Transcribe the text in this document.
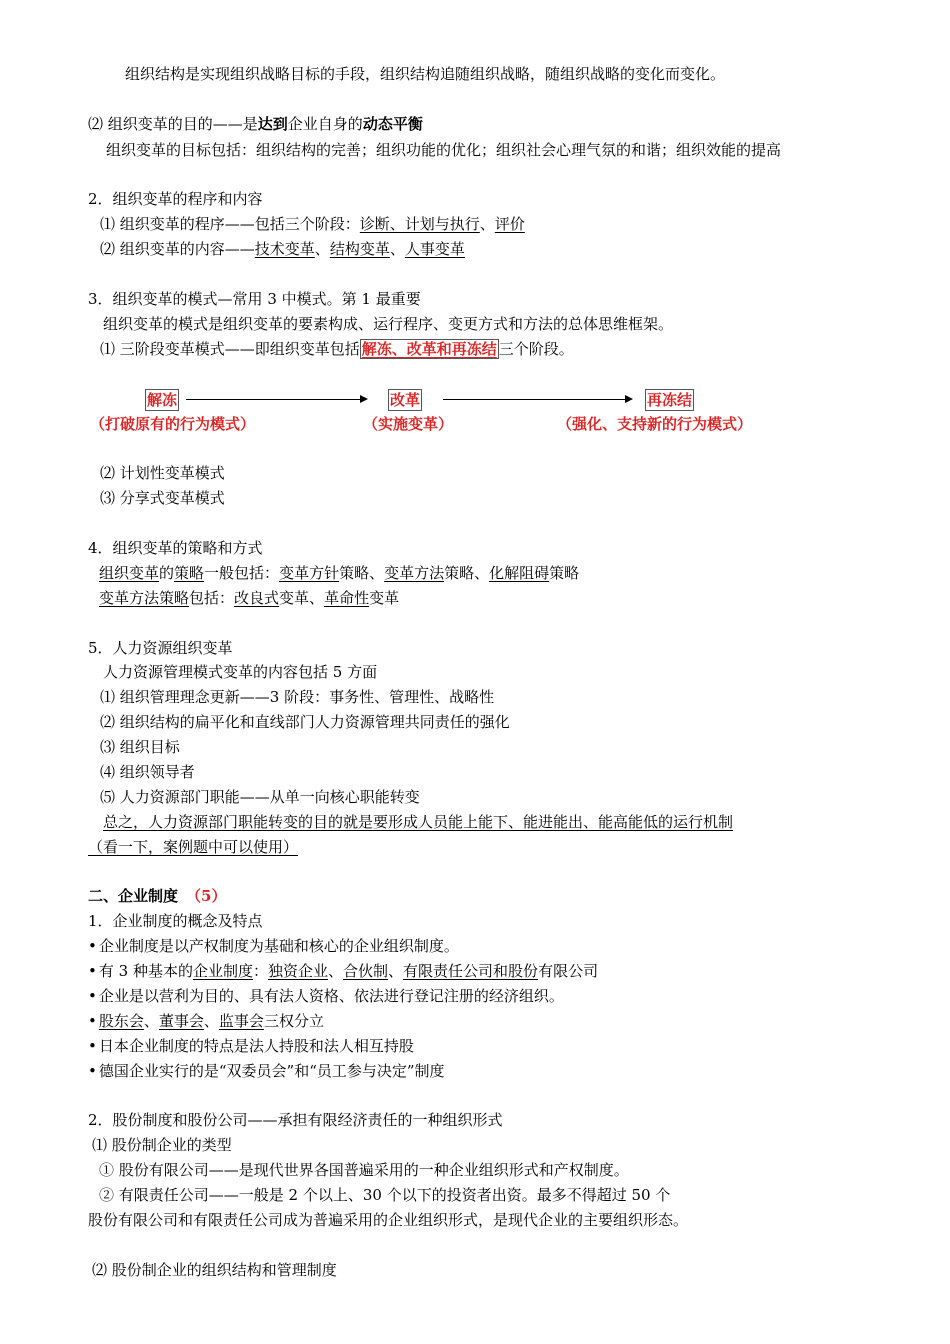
组织结构是实现组织战略目标的手段，组织结构追随组织战略，随组织战略的变化而变化。
⑵ 组织变革的目的——是达到企业自身的动态平衡
组织变革的目标包括：组织结构的完善；组织功能的优化；组织社会心理气氛的和谐；组织效能的提高
2．组织变革的程序和内容
⑴ 组织变革的程序——包括三个阶段：诊断、计划与执行、评价
⑵ 组织变革的内容——技术变革、结构变革、人事变革
3．组织变革的模式—常用 3 中模式。第 1 最重要
组织变革的模式是组织变革的要素构成、运行程序、变更方式和方法的总体思维框架。
⑴ 三阶段变革模式——即组织变革包括 解冻、改革和再冻结 三个阶段。
解冻	改革	再冻结
（打破原有的行为模式）	（实施变革）	（强化、支持新的行为模式）
⑵ 计划性变革模式
⑶ 分享式变革模式
4．组织变革的策略和方式
组织变革的策略一般包括：变革方针策略、变革方法策略、化解阻碍策略
变革方法策略包括：改良式变革、革命性变革
5．人力资源组织变革
人力资源管理模式变革的内容包括 5 方面
⑴ 组织管理理念更新——3 阶段：事务性、管理性、战略性
⑵ 组织结构的扁平化和直线部门人力资源管理共同责任的强化
⑶ 组织目标
⑷ 组织领导者
⑸ 人力资源部门职能——从单一向核心职能转变
总之，人力资源部门职能转变的目的就是要形成人员能上能下、能进能出、能高能低的运行机制
（看一下，案例题中可以使用）
二、企业制度 （5）
1．企业制度的概念及特点
• 企业制度是以产权制度为基础和核心的企业组织制度。
• 有 3 种基本的企业制度：独资企业、合伙制、有限责任公司和股份有限公司
• 企业是以营利为目的、具有法人资格、依法进行登记注册的经济组织。
• 股东会、董事会、监事会三权分立
• 日本企业制度的特点是法人持股和法人相互持股
• 德国企业实行的是“双委员会”和“员工参与决定”制度
2．股份制度和股份公司——承担有限经济责任的一种组织形式
⑴ 股份制企业的类型
① 股份有限公司——是现代世界各国普遍采用的一种企业组织形式和产权制度。
② 有限责任公司——一般是 2 个以上、30 个以下的投资者出资。最多不得超过 50 个
股份有限公司和有限责任公司成为普遍采用的企业组织形式，是现代企业的主要组织形态。
⑵ 股份制企业的组织结构和管理制度
